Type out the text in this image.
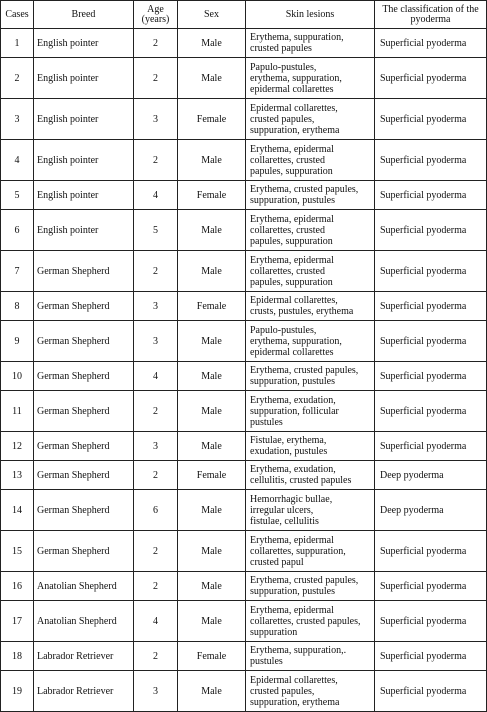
Cases	Breed	Age
(years)	Sex	Skin lesions	The classification of the
pyoderma
1	English pointer	2	Male	Erythema, suppuration,
crusted papules	Superficial pyoderma
2	English pointer	2	Male	Papulo-pustules,
erythema, suppuration,
epidermal collarettes	Superficial pyoderma
3	English pointer	3	Female	Epidermal collarettes,
crusted papules,
suppuration, erythema	Superficial pyoderma
4	English pointer	2	Male	Erythema, epidermal
collarettes, crusted
papules, suppuration	Superficial pyoderma
5	English pointer	4	Female	Erythema, crusted papules,
suppuration, pustules	Superficial pyoderma
6	English pointer	5	Male	Erythema, epidermal
collarettes, crusted
papules, suppuration	Superficial pyoderma
7	German Shepherd	2	Male	Erythema, epidermal
collarettes, crusted
papules, suppuration	Superficial pyoderma
8	German Shepherd	3	Female	Epidermal collarettes,
crusts, pustules, erythema	Superficial pyoderma
9	German Shepherd	3	Male	Papulo-pustules,
erythema, suppuration,
epidermal collarettes	Superficial pyoderma
10	German Shepherd	4	Male	Erythema, crusted papules,
suppuration, pustules	Superficial pyoderma
11	German Shepherd	2	Male	Erythema, exudation,
suppuration, follicular
pustules	Superficial pyoderma
12	German Shepherd	3	Male	Fistulae, erythema,
exudation, pustules	Superficial pyoderma
13	German Shepherd	2	Female	Erythema, exudation,
cellulitis, crusted papules	Deep pyoderma
14	German Shepherd	6	Male	Hemorrhagic bullae,
irregular ulcers,
fistulae, cellulitis	Deep pyoderma
15	German Shepherd	2	Male	Erythema, epidermal
collarettes, suppuration,
crusted papul	Superficial pyoderma
16	Anatolian Shepherd	2	Male	Erythema, crusted papules,
suppuration, pustules	Superficial pyoderma
17	Anatolian Shepherd	4	Male	Erythema, epidermal
collarettes, crusted papules,
suppuration	Superficial pyoderma
18	Labrador Retriever	2	Female	Erythema, suppuration,.
pustules	Superficial pyoderma
19	Labrador Retriever	3	Male	Epidermal collarettes,
crusted papules,
suppuration, erythema	Superficial pyoderma
